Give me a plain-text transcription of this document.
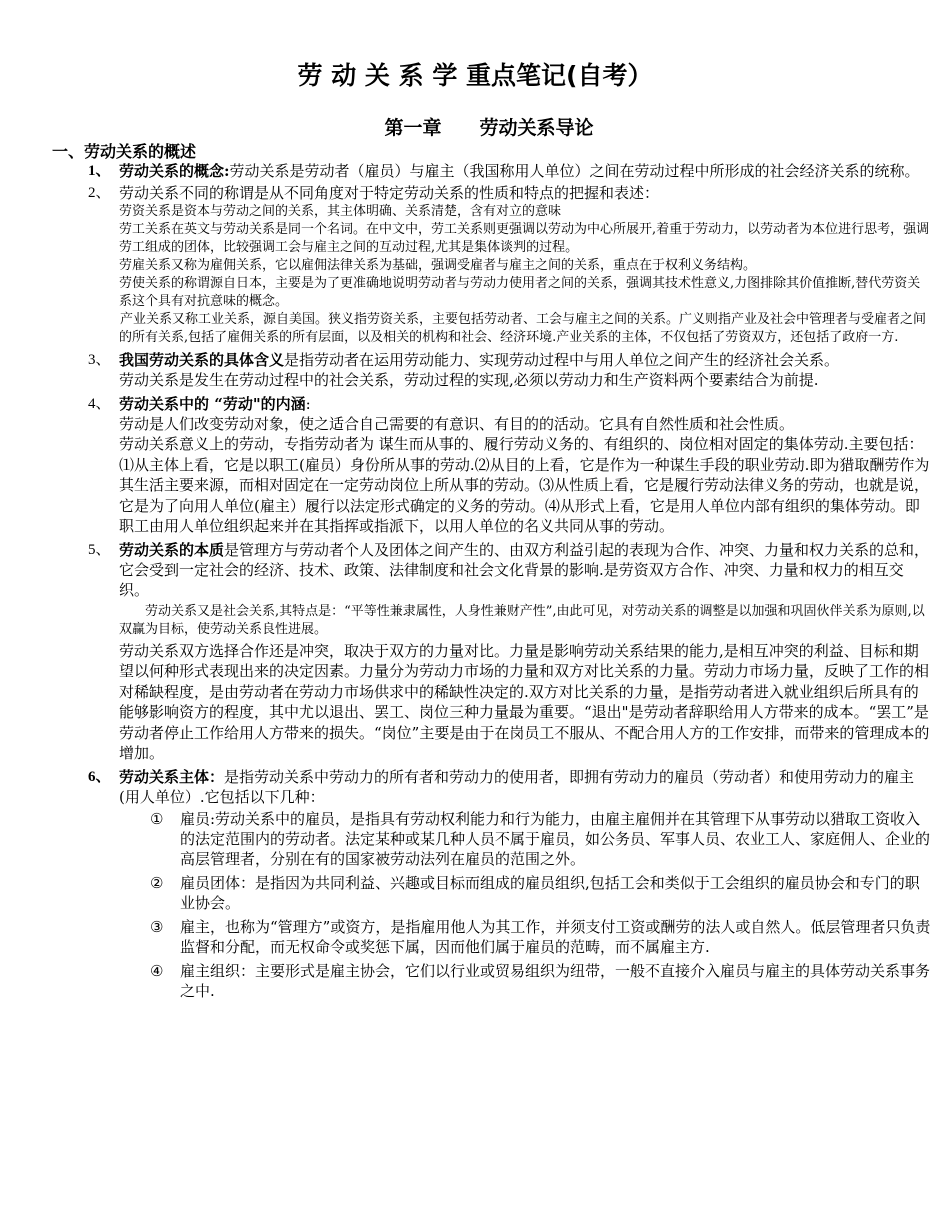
劳 动 关 系 学 重点笔记(自考）
第一章 劳动关系导论
一、劳动关系的概述
1、 劳动关系的概念:劳动关系是劳动者（雇员）与雇主（我国称用人单位）之间在劳动过程中所形成的社会经济关系的统称。
2、 劳动关系不同的称谓是从不同角度对于特定劳动关系的性质和特点的把握和表述：
劳资关系是资本与劳动之间的关系，其主体明确、关系清楚，含有对立的意味
劳工关系在英文与劳动关系是同一个名词。在中文中，劳工关系则更强调以劳动为中心所展开,着重于劳动力，以劳动者为本位进行思考，强调劳工组成的团体，比较强调工会与雇主之间的互动过程,尤其是集体谈判的过程。
劳雇关系又称为雇佣关系，它以雇佣法律关系为基础，强调受雇者与雇主之间的关系，重点在于权利义务结构。
劳使关系的称谓源自日本，主要是为了更准确地说明劳动者与劳动力使用者之间的关系，强调其技术性意义,力图排除其价值推断,替代劳资关系这个具有对抗意味的概念。
产业关系又称工业关系，源自美国。狭义指劳资关系，主要包括劳动者、工会与雇主之间的关系。广义则指产业及社会中管理者与受雇者之间的所有关系,包括了雇佣关系的所有层面，以及相关的机构和社会、经济环境.产业关系的主体，不仅包括了劳资双方，还包括了政府一方.
3、 我国劳动关系的具体含义是指劳动者在运用劳动能力、实现劳动过程中与用人单位之间产生的经济社会关系。
劳动关系是发生在劳动过程中的社会关系，劳动过程的实现,必须以劳动力和生产资料两个要素结合为前提.
4、 劳动关系中的 “劳动"的内涵:
劳动是人们改变劳动对象，使之适合自己需要的有意识、有目的的活动。它具有自然性质和社会性质。
劳动关系意义上的劳动，专指劳动者为 谋生而从事的、履行劳动义务的、有组织的、岗位相对固定的集体劳动.主要包括：⑴从主体上看，它是以职工(雇员）身份所从事的劳动.⑵从目的上看，它是作为一种谋生手段的职业劳动.即为猎取酬劳作为其生活主要来源，而相对固定在一定劳动岗位上所从事的劳动。⑶从性质上看，它是履行劳动法律义务的劳动，也就是说，它是为了向用人单位(雇主）履行以法定形式确定的义务的劳动。⑷从形式上看，它是用人单位内部有组织的集体劳动。即职工由用人单位组织起来并在其指挥或指派下，以用人单位的名义共同从事的劳动。
5、 劳动关系的本质是管理方与劳动者个人及团体之间产生的、由双方利益引起的表现为合作、冲突、力量和权力关系的总和，它会受到一定社会的经济、技术、政策、法律制度和社会文化背景的影响.是劳资双方合作、冲突、力量和权力的相互交织。
劳动关系又是社会关系,其特点是：“平等性兼隶属性，人身性兼财产性”,由此可见，对劳动关系的调整是以加强和巩固伙伴关系为原则,以双赢为目标，使劳动关系良性进展。
劳动关系双方选择合作还是冲突，取决于双方的力量对比。力量是影响劳动关系结果的能力,是相互冲突的利益、目标和期望以何种形式表现出来的决定因素。力量分为劳动力市场的力量和双方对比关系的力量。劳动力市场力量，反映了工作的相对稀缺程度，是由劳动者在劳动力市场供求中的稀缺性决定的.双方对比关系的力量，是指劳动者进入就业组织后所具有的能够影响资方的程度，其中尤以退出、罢工、岗位三种力量最为重要。“退出"是劳动者辞职给用人方带来的成本。“罢工”是劳动者停止工作给用人方带来的损失。“岗位”主要是由于在岗员工不服从、不配合用人方的工作安排，而带来的管理成本的增加。
6、 劳动关系主体：是指劳动关系中劳动力的所有者和劳动力的使用者，即拥有劳动力的雇员（劳动者）和使用劳动力的雇主(用人单位）.它包括以下几种：
① 雇员:劳动关系中的雇员，是指具有劳动权利能力和行为能力，由雇主雇佣并在其管理下从事劳动以猎取工资收入的法定范围内的劳动者。法定某种或某几种人员不属于雇员，如公务员、军事人员、农业工人、家庭佣人、企业的高层管理者，分别在有的国家被劳动法列在雇员的范围之外。
② 雇员团体：是指因为共同利益、兴趣或目标而组成的雇员组织,包括工会和类似于工会组织的雇员协会和专门的职业协会。
③ 雇主，也称为“管理方”或资方，是指雇用他人为其工作，并须支付工资或酬劳的法人或自然人。低层管理者只负责监督和分配，而无权命令或奖惩下属，因而他们属于雇员的范畴，而不属雇主方.
④ 雇主组织：主要形式是雇主协会，它们以行业或贸易组织为纽带，一般不直接介入雇员与雇主的具体劳动关系事务之中.
